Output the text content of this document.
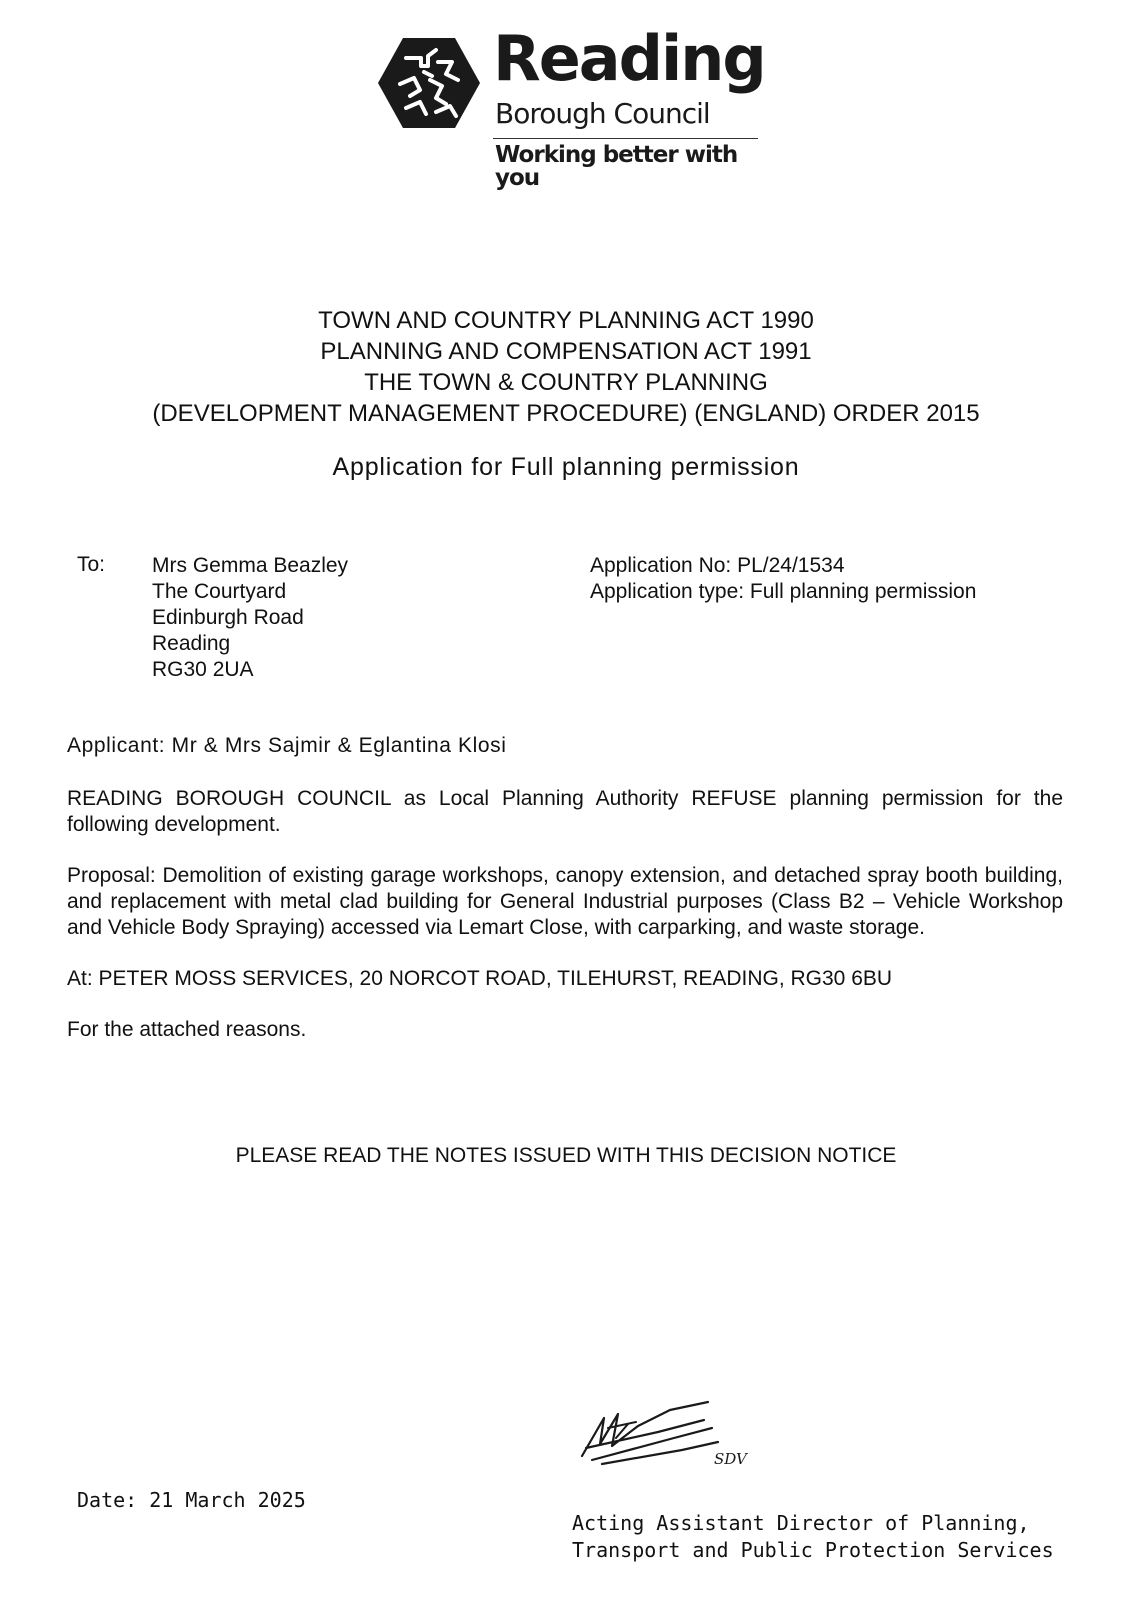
Reading
Borough Council
Working better with you
TOWN AND COUNTRY PLANNING ACT 1990
PLANNING AND COMPENSATION ACT 1991
THE TOWN & COUNTRY PLANNING
(DEVELOPMENT MANAGEMENT PROCEDURE) (ENGLAND) ORDER 2015
Application for Full planning permission
To: Mrs Gemma Beazley
The Courtyard
Edinburgh Road
Reading
RG30 2UA
Application No: PL/24/1534
Application type: Full planning permission

Applicant: Mr & Mrs Sajmir & Eglantina Klosi

READING BOROUGH COUNCIL as Local Planning Authority REFUSE planning permission for the following development.

Proposal: Demolition of existing garage workshops, canopy extension, and detached spray booth building, and replacement with metal clad building for General Industrial purposes (Class B2 – Vehicle Workshop and Vehicle Body Spraying) accessed via Lemart Close, with carparking, and waste storage.

At: PETER MOSS SERVICES, 20 NORCOT ROAD, TILEHURST, READING, RG30 6BU

For the attached reasons.

PLEASE READ THE NOTES ISSUED WITH THIS DECISION NOTICE
Date: 21 March 2025
SDV
Acting Assistant Director of Planning,
Transport and Public Protection Services
